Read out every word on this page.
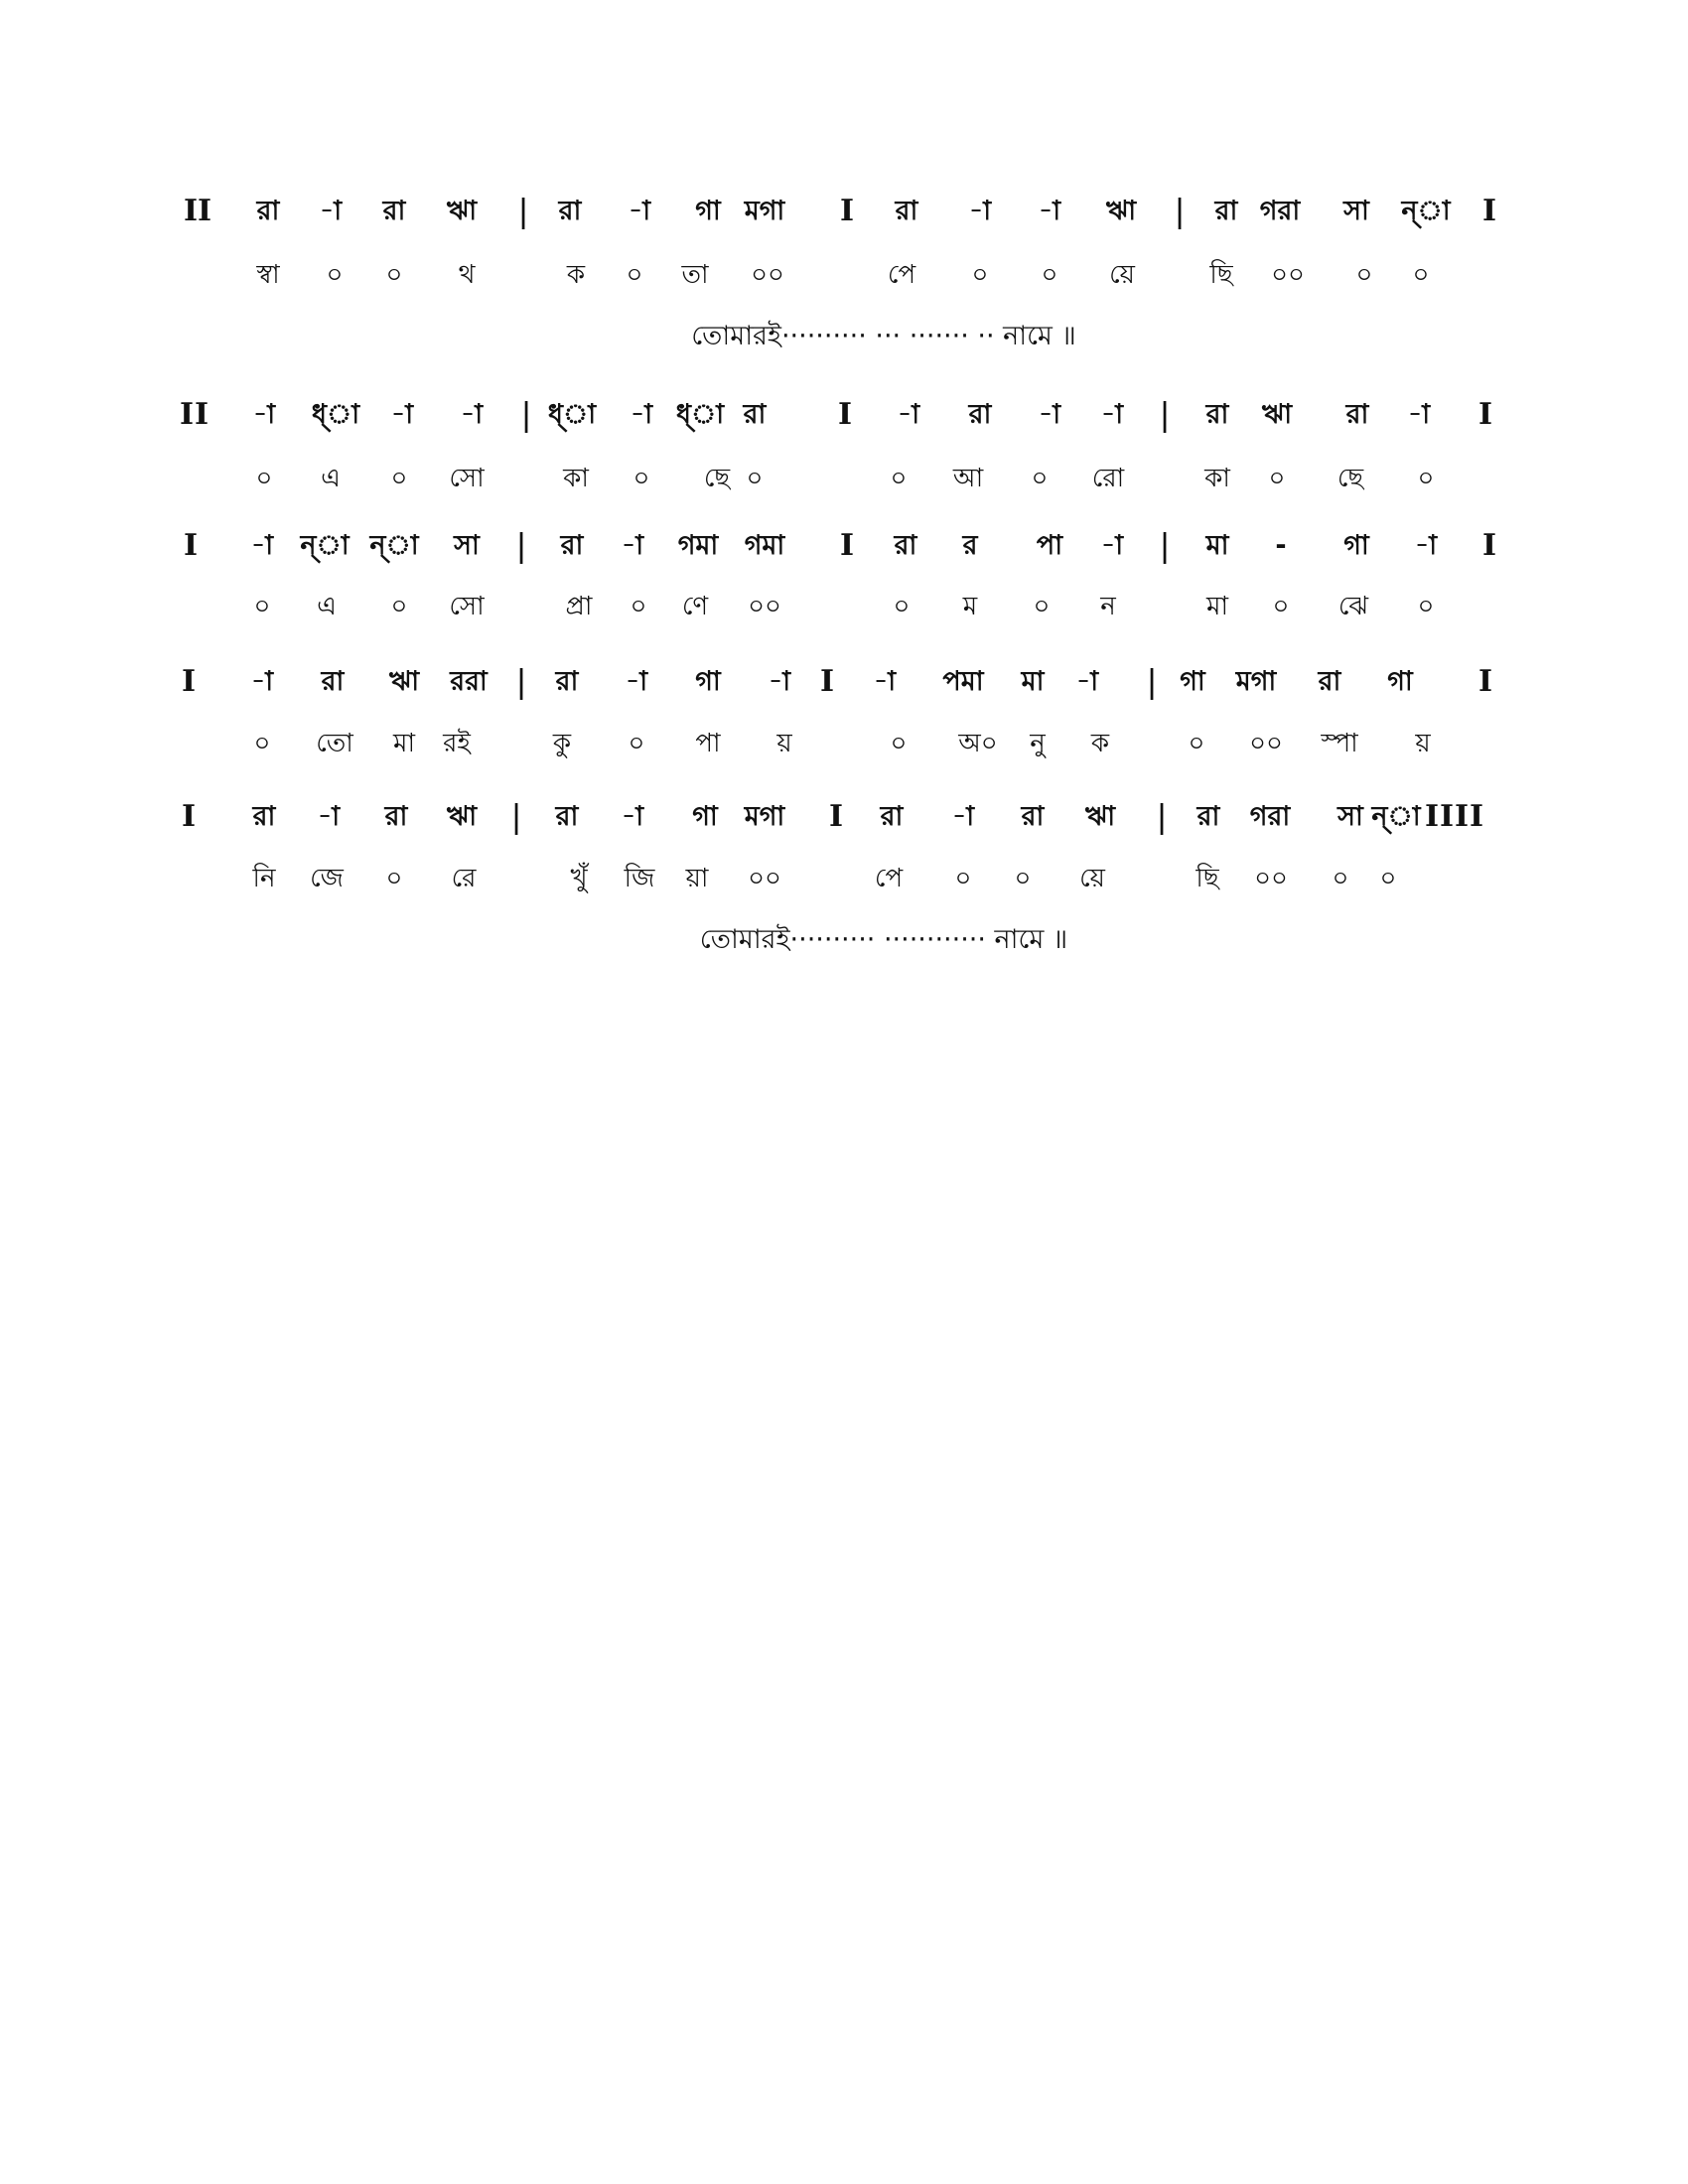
I I রা -া রা ঋা | রা -া গা মগা I রা -া -া ঋা | রা গরা সা ন্া I
স্বা ০ ০ থ	ক ০ তা ০০	পে ০ ০ য়ে	ছি ০০ ০ ০
তোমারই·········· ··· ······· ·· নামে ॥
I I -া ধ্া -া -া | ধ্া -া ধ্া রা I -া রা -া -া | রা ঋা রা -া I
০ এ ০ সো	কা ০ ছে ০	০ আ ০ রো	কা ০ ছে ০
I -া ন্া ন্া সা | রা -া গমা গমা I রা র পা -া | মা - গা -া I
০ এ ০ সো	প্রা ০ ণে ০০	০ ম ০ ন	মা ০ ঝে ০
I -া রা ঋা ররা | রা -া গা -া I -া পমা মা -া | গা মগা রা গা I
০ তো মা রই	কু ০ পা য়	০ অ০ নু ক	০ ০০ স্পা য়
I রা -া রা ঋা | রা -া গা মগা I রা -া রা ঋা | রা গরা সা ন্া I I I I
নি জে ০ রে	খুঁ জি য়া ০০	পে ০ ০ য়ে	ছি ০০ ০ ০
তোমারই·········· ············ নামে ॥
